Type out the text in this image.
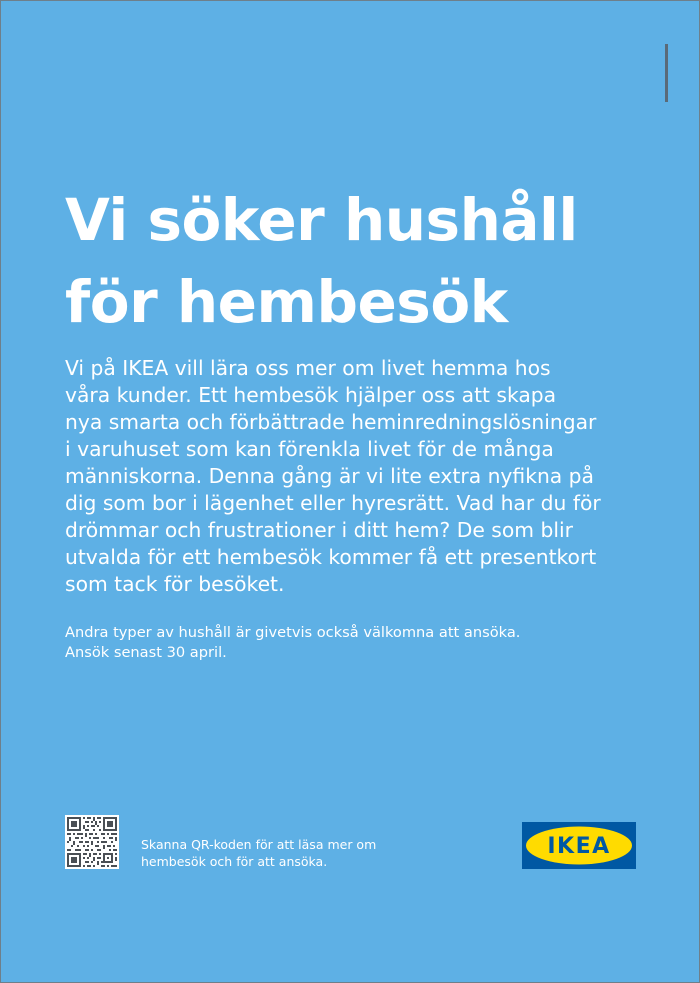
Vi söker hushåll
för hembesök

Vi på IKEA vill lära oss mer om livet hemma hos
våra kunder. Ett hembesök hjälper oss att skapa
nya smarta och förbättrade heminredningslösningar
i varuhuset som kan förenkla livet för de många
människorna. Denna gång är vi lite extra nyfikna på
dig som bor i lägenhet eller hyresrätt. Vad har du för
drömmar och frustrationer i ditt hem? De som blir
utvalda för ett hembesök kommer få ett presentkort
som tack för besöket.

Andra typer av hushåll är givetvis också välkomna att ansöka.
Ansök senast 30 april.

Skanna QR-koden för att läsa mer om
hembesök och för att ansöka.

IKEA
